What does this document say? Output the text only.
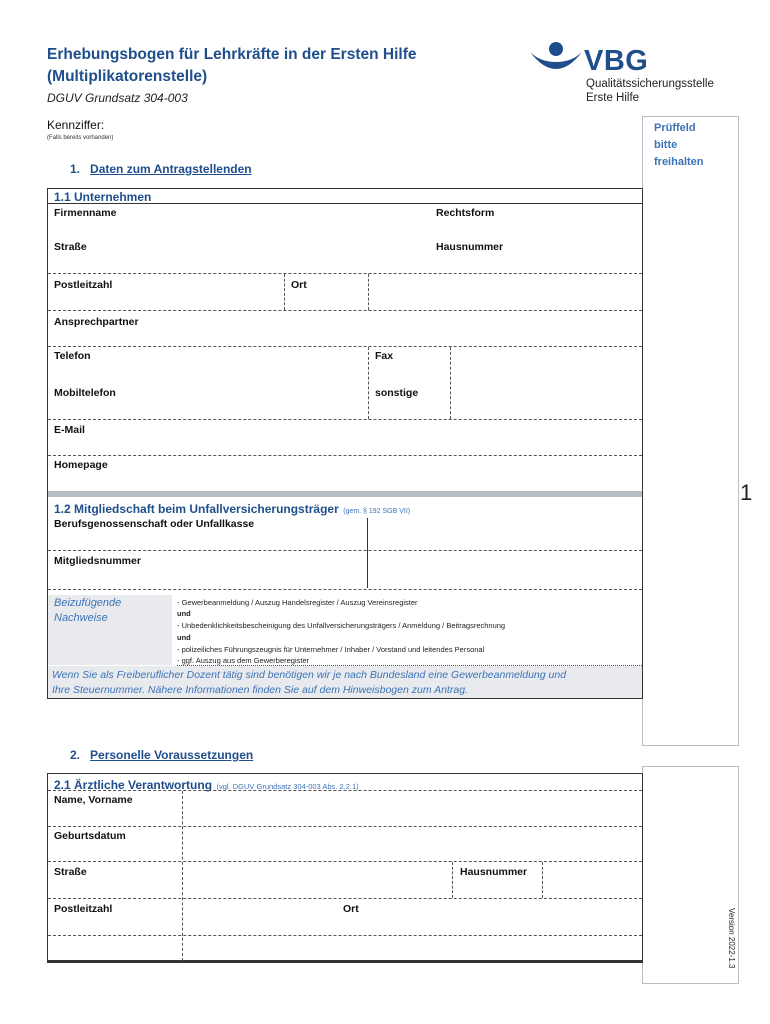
Erhebungsbogen für Lehrkräfte in der Ersten Hilfe
(Multiplikatorenstelle)
DGUV Grundsatz 304-003
Kennziffer:
(Falls bereits vorhanden)
VBG
Qualitätssicherungsstelle
Erste Hilfe
Prüffeld
bitte
freihalten
1
Version 2022-1.3
1. Daten zum Antragstellenden
1.1 Unternehmen
Firmenname	Rechtsform
Straße	Hausnummer
Postleitzahl	Ort
Ansprechpartner
Telefon	Fax
Mobiltelefon	sonstige
E-Mail
Homepage
1.2 Mitgliedschaft beim Unfallversicherungsträger (gem. § 192 SGB VII)
Berufsgenossenschaft oder Unfallkasse
Mitgliedsnummer
Beizufügende
Nachweise
- Gewerbeanmeldung / Auszug Handelsregister / Auszug Vereinsregister
und
- Unbedenklichkeitsbescheinigung des Unfallversicherungsträgers / Anmeldung / Beitragsrechnung
und
- polizeiliches Führungszeugnis für Unternehmer / Inhaber / Vorstand und leitendes Personal
- ggf. Auszug aus dem Gewerberegister
Wenn Sie als Freiberuflicher Dozent tätig sind benötigen wir je nach Bundesland eine Gewerbeanmeldung und
Ihre Steuernummer. Nähere Informationen finden Sie auf dem Hinweisbogen zum Antrag.
2. Personelle Voraussetzungen
2.1 Ärztliche Verantwortung (vgl. DGUV Grundsatz 304-003 Abs. 2.2.1)
Name, Vorname
Geburtsdatum
Straße	Hausnummer
Postleitzahl	Ort
